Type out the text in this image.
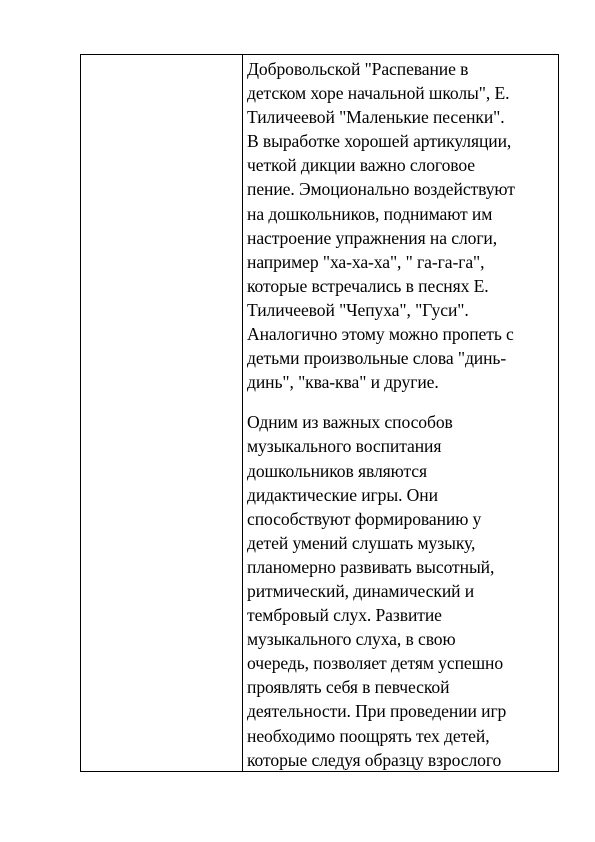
Добровольской "Распевание в
детском хоре начальной школы", Е.
Тиличеевой "Маленькие песенки".
В выработке хорошей артикуляции,
четкой дикции важно слоговое
пение. Эмоционально воздействуют
на дошкольников, поднимают им
настроение упражнения на слоги,
например "ха-ха-ха", " га-га-га",
которые встречались в песнях Е.
Тиличеевой "Чепуха", "Гуси".
Аналогично этому можно пропеть с
детьми произвольные слова "динь-
динь", "ква-ква" и другие.
Одним из важных способов
музыкального воспитания
дошкольников являются
дидактические игры. Они
способствуют формированию у
детей умений слушать музыку,
планомерно развивать высотный,
ритмический, динамический и
тембровый слух. Развитие
музыкального слуха, в свою
очередь, позволяет детям успешно
проявлять себя в певческой
деятельности. При проведении игр
необходимо поощрять тех детей,
которые следуя образцу взрослого
